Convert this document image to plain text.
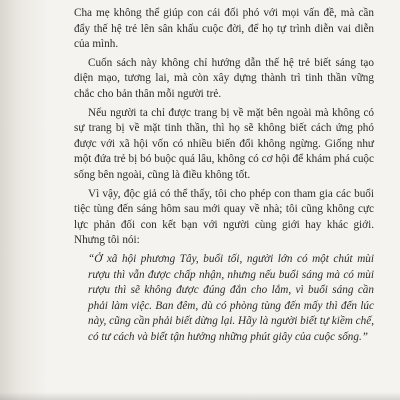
Cha mẹ không thể giúp con cái đối phó với mọi vấn đề, mà cần đẩy thế hệ trẻ lên sân khấu cuộc đời, để họ tự trình diễn vai diễn của mình.

Cuốn sách này không chỉ hướng dẫn thế hệ trẻ biết sáng tạo diện mạo, tương lai, mà còn xây dựng thành trì tinh thần vững chắc cho bản thân mỗi người trẻ.

Nếu người ta chỉ được trang bị về mặt bên ngoài mà không có sự trang bị về mặt tinh thần, thì họ sẽ không biết cách ứng phó được với xã hội vốn có nhiều biến đổi không ngừng. Giống như một đứa trẻ bị bó buộc quá lâu, không có cơ hội để khám phá cuộc sống bên ngoài, cũng là điều không tốt.

Vì vậy, độc giả có thể thấy, tôi cho phép con tham gia các buổi tiệc tùng đến sáng hôm sau mới quay về nhà; tôi cũng không cực lực phản đối con kết bạn với người cùng giới hay khác giới. Nhưng tôi nói:

“Ở xã hội phương Tây, buổi tối, người lớn có một chút mùi rượu thì vẫn được chấp nhận, nhưng nếu buổi sáng mà có mùi rượu thì sẽ không được đúng đắn cho lắm, vì buổi sáng cần phải làm việc. Ban đêm, dù có phòng tùng đến mấy thì đến lúc này, cũng cần phải biết dừng lại. Hãy là người biết tự kiềm chế, có tư cách và biết tận hưởng những phút giây của cuộc sống.”
